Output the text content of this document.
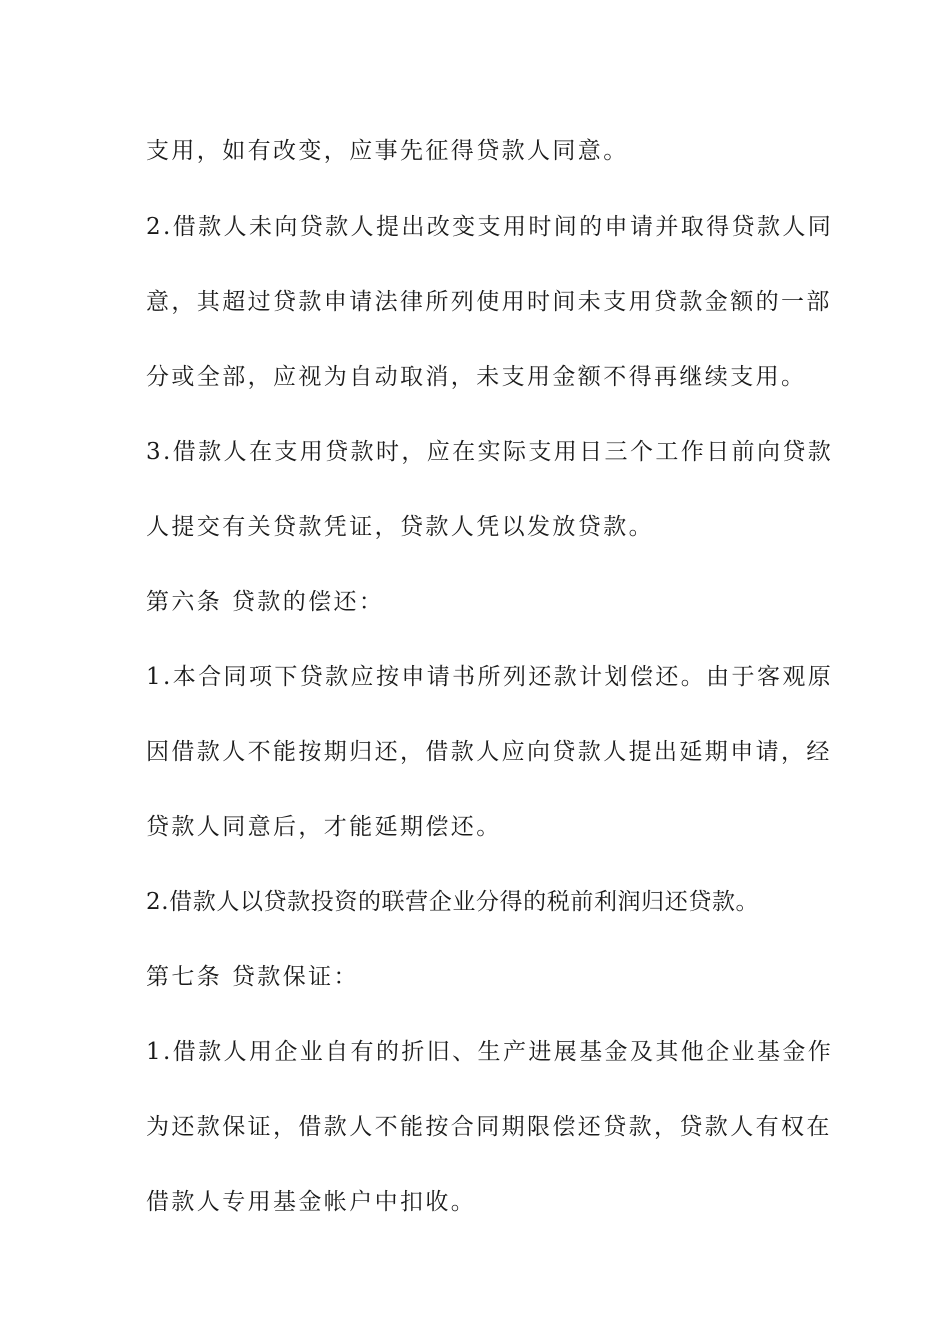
支用，如有改变，应事先征得贷款人同意。
2.借款人未向贷款人提出改变支用时间的申请并取得贷款人同
意，其超过贷款申请法律所列使用时间未支用贷款金额的一部
分或全部，应视为自动取消，未支用金额不得再继续支用。
3.借款人在支用贷款时，应在实际支用日三个工作日前向贷款
人提交有关贷款凭证，贷款人凭以发放贷款。
第六条 贷款的偿还：
1.本合同项下贷款应按申请书所列还款计划偿还。由于客观原
因借款人不能按期归还，借款人应向贷款人提出延期申请，经
贷款人同意后，才能延期偿还。
2.借款人以贷款投资的联营企业分得的税前利润归还贷款。
第七条 贷款保证：
1.借款人用企业自有的折旧、生产进展基金及其他企业基金作
为还款保证，借款人不能按合同期限偿还贷款，贷款人有权在
借款人专用基金帐户中扣收。
